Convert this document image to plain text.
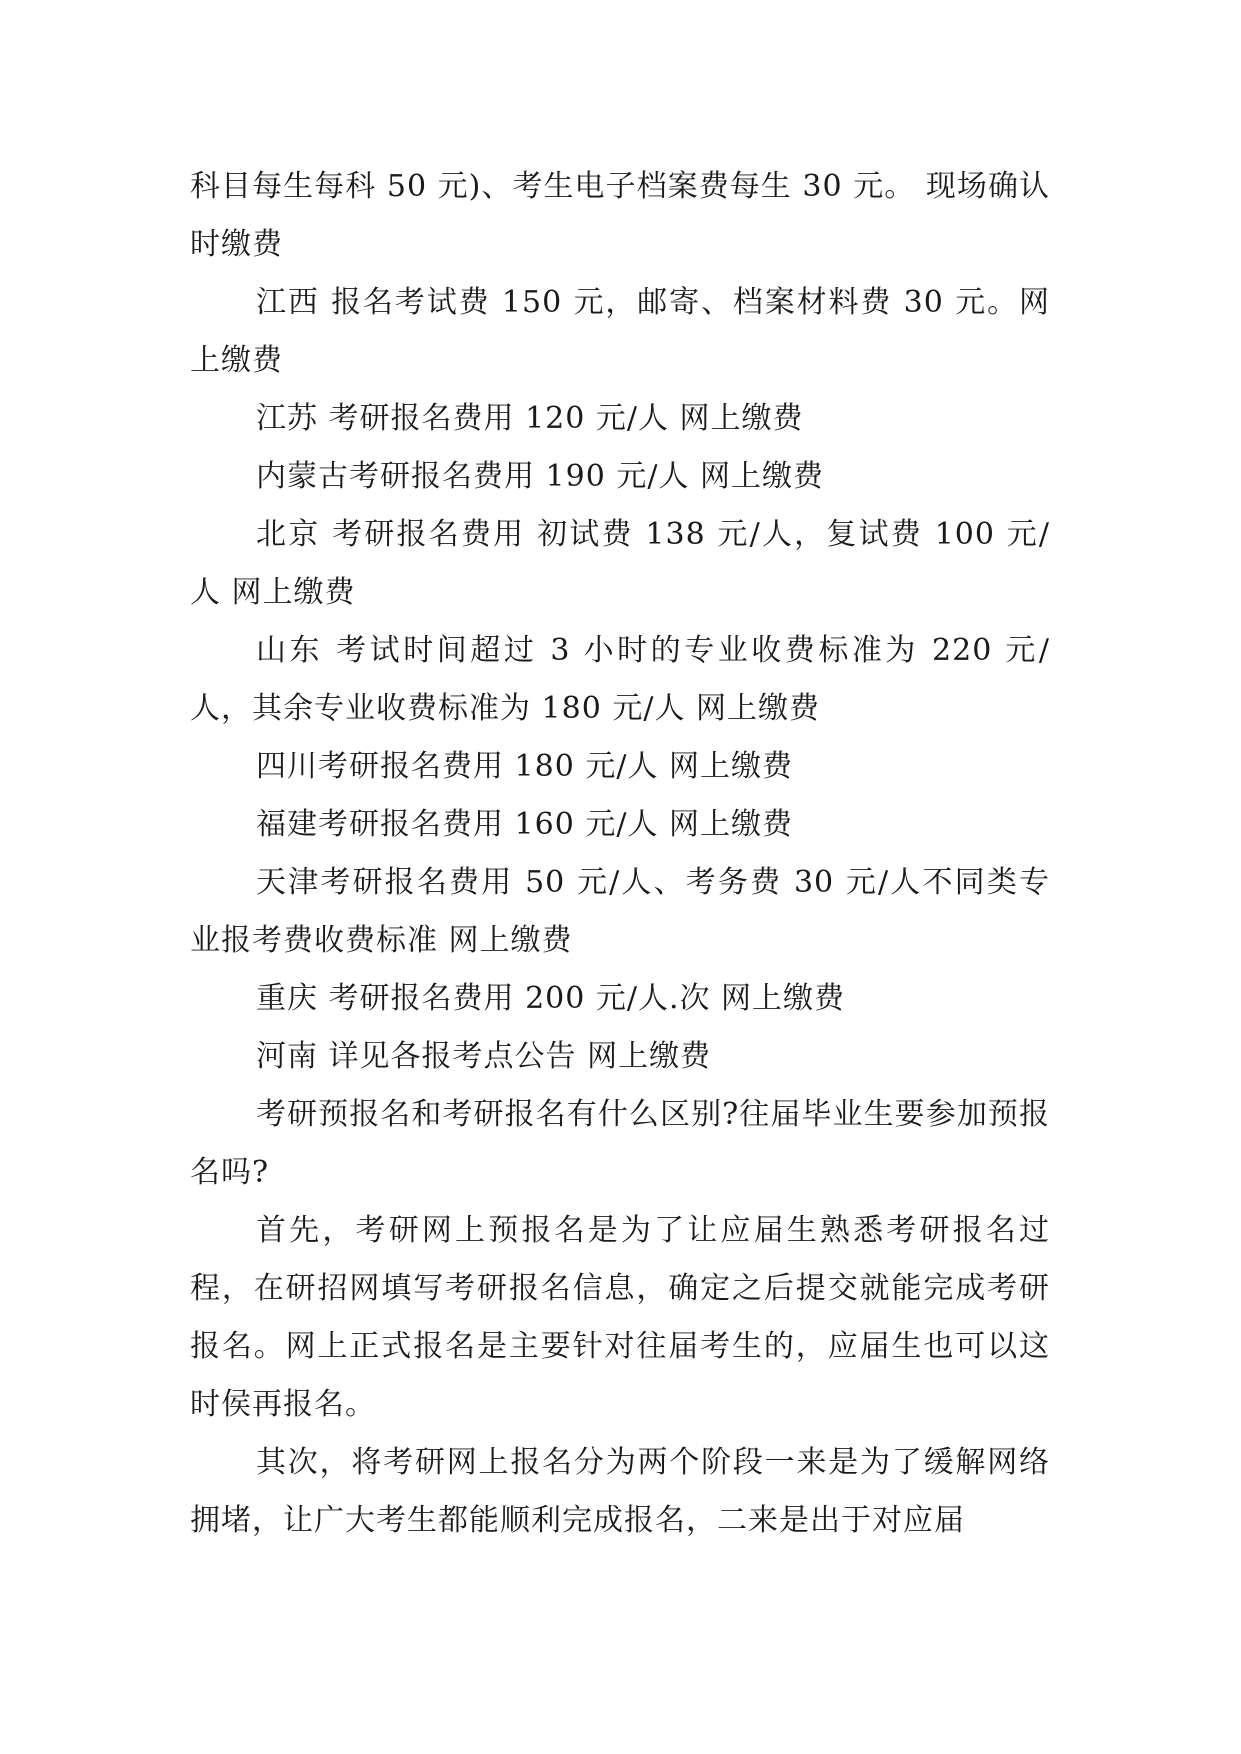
科目每生每科 50 元)、考生电子档案费每生 30 元。 现场确认时缴费

江西 报名考试费 150 元，邮寄、档案材料费 30 元。网上缴费

江苏 考研报名费用 120 元/人 网上缴费

内蒙古考研报名费用 190 元/人 网上缴费

北京 考研报名费用 初试费 138 元/人，复试费 100 元/人 网上缴费

山东 考试时间超过 3 小时的专业收费标准为 220 元/人，其余专业收费标准为 180 元/人 网上缴费

四川考研报名费用 180 元/人 网上缴费

福建考研报名费用 160 元/人 网上缴费

天津考研报名费用 50 元/人、考务费 30 元/人不同类专业报考费收费标准 网上缴费

重庆 考研报名费用 200 元/人.次 网上缴费

河南 详见各报考点公告 网上缴费

考研预报名和考研报名有什么区别?往届毕业生要参加预报名吗?

首先，考研网上预报名是为了让应届生熟悉考研报名过程，在研招网填写考研报名信息，确定之后提交就能完成考研报名。网上正式报名是主要针对往届考生的，应届生也可以这时侯再报名。

其次，将考研网上报名分为两个阶段一来是为了缓解网络拥堵，让广大考生都能顺利完成报名，二来是出于对应届
